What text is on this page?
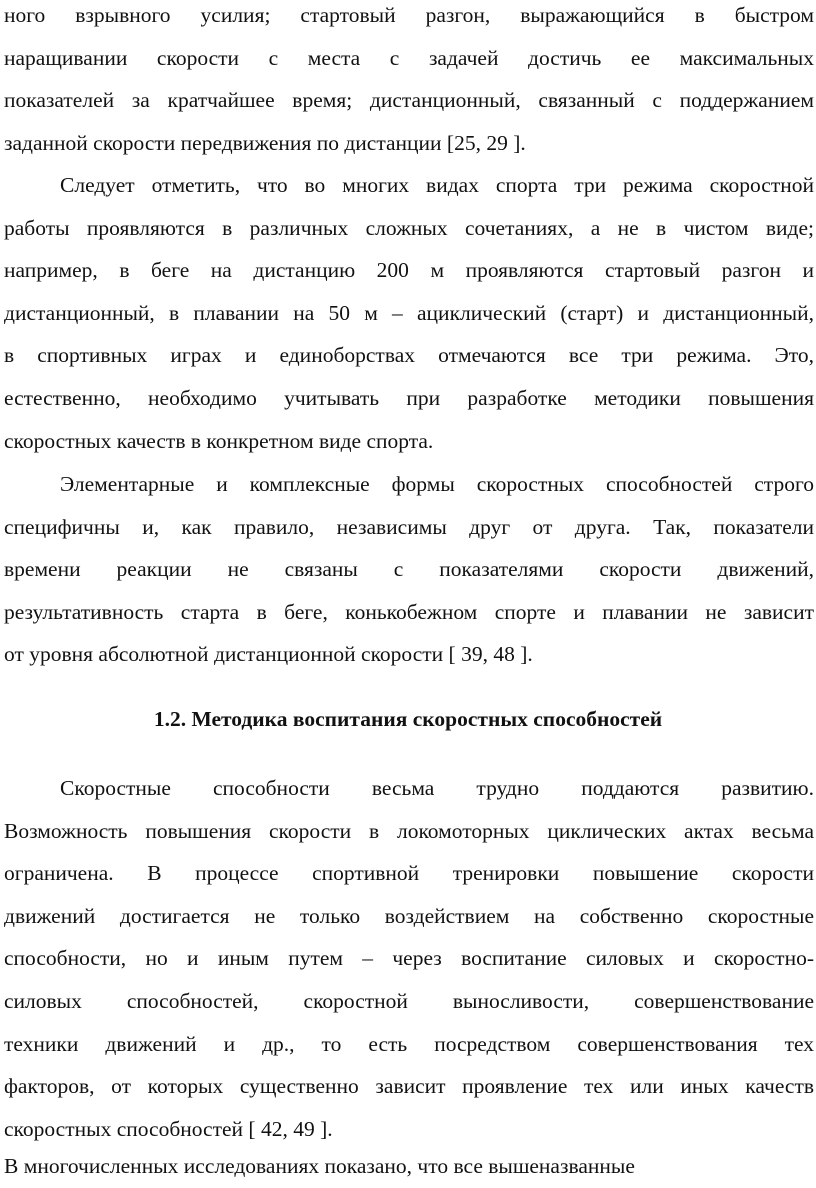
ного взрывного усилия; стартовый разгон, выражающийся в быстром
наращивании скорости с места с задачей достичь ее максимальных
показателей за кратчайшее время; дистанционный, связанный с поддержанием
заданной скорости передвижения по дистанции [25, 29 ].

Следует отметить, что во многих видах спорта три режима скоростной
работы проявляются в различных сложных сочетаниях, а не в чистом виде;
например, в беге на дистанцию 200 м проявляются стартовый разгон и
дистанционный, в плавании на 50 м – ациклический (старт) и дистанционный,
в спортивных играх и единоборствах отмечаются все три режима. Это,
естественно, необходимо учитывать при разработке методики повышения
скоростных качеств в конкретном виде спорта.

Элементарные и комплексные формы скоростных способностей строго
специфичны и, как правило, независимы друг от друга. Так, показатели
времени реакции не связаны с показателями скорости движений,
результативность старта в беге, конькобежном спорте и плавании не зависит
от уровня абсолютной дистанционной скорости [ 39, 48 ].

1.2. Методика воспитания скоростных способностей

Скоростные способности весьма трудно поддаются развитию.
Возможность повышения скорости в локомоторных циклических актах весьма
ограничена. В процессе спортивной тренировки повышение скорости
движений достигается не только воздействием на собственно скоростные
способности, но и иным путем – через воспитание силовых и скоростно-
силовых способностей, скоростной выносливости, совершенствование
техники движений и др., то есть посредством совершенствования тех
факторов, от которых существенно зависит проявление тех или иных качеств
скоростных способностей [ 42, 49 ].

В многочисленных исследованиях показано, что все вышеназванные
